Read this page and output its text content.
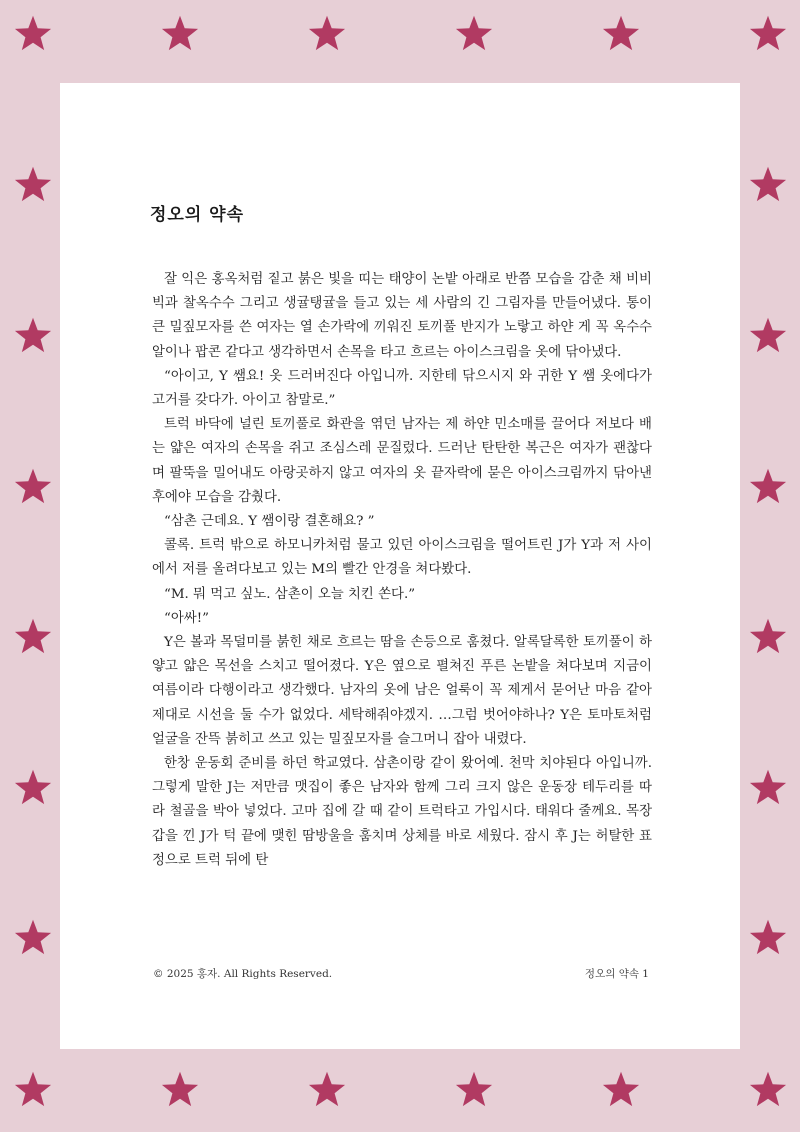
정오의 약속

잘 익은 홍옥처럼 짙고 붉은 빛을 띠는 태양이 논밭 아래로 반쯤 모습을 감춘 채 비비빅과 찰옥수수 그리고 생귤탱귤을 들고 있는 세 사람의 긴 그림자를 만들어냈다. 통이 큰 밀짚모자를 쓴 여자는 열 손가락에 끼워진 토끼풀 반지가 노랗고 하얀 게 꼭 옥수수 알이나 팝콘 같다고 생각하면서 손목을 타고 흐르는 아이스크림을 옷에 닦아냈다.

“아이고, Y 쌤요! 옷 드러버진다 아입니까. 지한테 닦으시지 와 귀한 Y 쌤 옷에다가 고거를 갖다가. 아이고 참말로.”

트럭 바닥에 널린 토끼풀로 화관을 엮던 남자는 제 하얀 민소매를 끌어다 저보다 배는 얇은 여자의 손목을 쥐고 조심스레 문질렀다. 드러난 탄탄한 복근은 여자가 괜찮다며 팔뚝을 밀어내도 아랑곳하지 않고 여자의 옷 끝자락에 묻은 아이스크림까지 닦아낸 후에야 모습을 감췄다.

“삼촌 근데요. Y 쌤이랑 결혼해요? ”

콜록. 트럭 밖으로 하모니카처럼 물고 있던 아이스크림을 떨어트린 J가 Y과 저 사이에서 저를 올려다보고 있는 M의 빨간 안경을 쳐다봤다.

“M. 뭐 먹고 싶노. 삼촌이 오늘 치킨 쏜다.”

“아싸!”

Y은 볼과 목덜미를 붉힌 채로 흐르는 땀을 손등으로 훔쳤다. 알록달록한 토끼풀이 하얗고 얇은 목선을 스치고 떨어졌다. Y은 옆으로 펼쳐진 푸른 논밭을 쳐다보며 지금이 여름이라 다행이라고 생각했다. 남자의 옷에 남은 얼룩이 꼭 제게서 묻어난 마음 같아 제대로 시선을 둘 수가 없었다. 세탁해줘야겠지. …그럼 벗어야하나? Y은 토마토처럼 얼굴을 잔뜩 붉히고 쓰고 있는 밀짚모자를 슬그머니 잡아 내렸다.

한창 운동회 준비를 하던 학교였다. 삼촌이랑 같이 왔어예. 천막 치야된다 아입니까. 그렇게 말한 J는 저만큼 맷집이 좋은 남자와 함께 그리 크지 않은 운동장 테두리를 따라 철골을 박아 넣었다. 고마 집에 갈 때 같이 트럭타고 가입시다. 태워다 줄께요. 목장갑을 낀 J가 턱 끝에 맺힌 땀방울을 훔치며 상체를 바로 세웠다. 잠시 후 J는 허탈한 표정으로 트럭 뒤에 탄

© 2025 홍자. All Rights Reserved.	정오의 약속 1
